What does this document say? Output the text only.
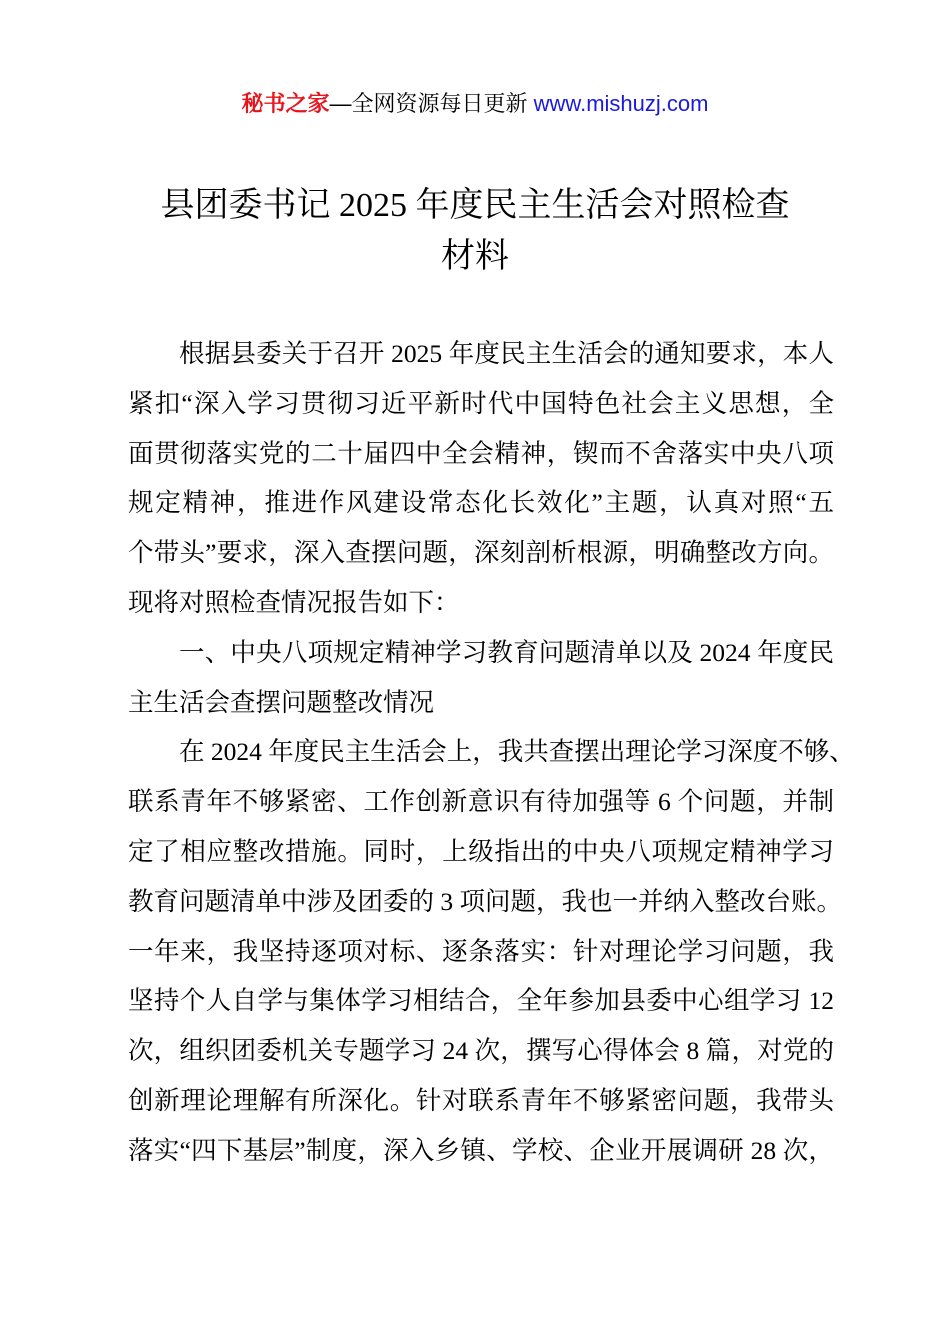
秘书之家—全网资源每日更新 www.mishuzj.com
县团委书记 2025 年度民主生活会对照检查
材料
根据县委关于召开 2025 年度民主生活会的通知要求，本人
紧扣“深入学习贯彻习近平新时代中国特色社会主义思想，全
面贯彻落实党的二十届四中全会精神，锲而不舍落实中央八项
规定精神，推进作风建设常态化长效化”主题，认真对照“五
个带头”要求，深入查摆问题，深刻剖析根源，明确整改方向。
现将对照检查情况报告如下：
一、中央八项规定精神学习教育问题清单以及 2024 年度民
主生活会查摆问题整改情况
在 2024 年度民主生活会上，我共查摆出理论学习深度不够、
联系青年不够紧密、工作创新意识有待加强等 6 个问题，并制
定了相应整改措施。同时，上级指出的中央八项规定精神学习
教育问题清单中涉及团委的 3 项问题，我也一并纳入整改台账。
一年来，我坚持逐项对标、逐条落实：针对理论学习问题，我
坚持个人自学与集体学习相结合，全年参加县委中心组学习 12
次，组织团委机关专题学习 24 次，撰写心得体会 8 篇，对党的
创新理论理解有所深化。针对联系青年不够紧密问题，我带头
落实“四下基层”制度，深入乡镇、学校、企业开展调研 28 次，
